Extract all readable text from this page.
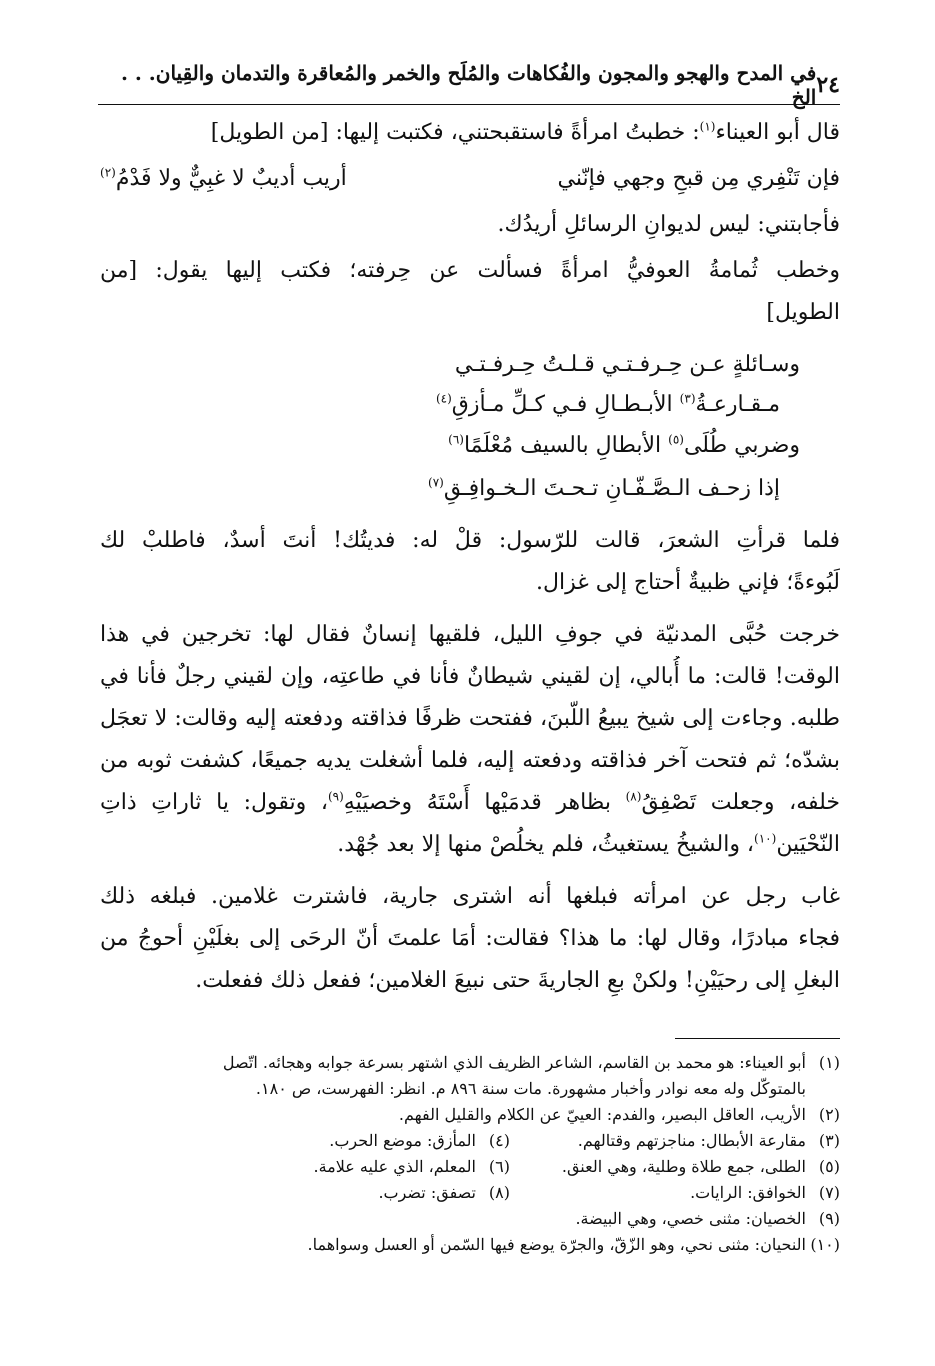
٢٤
في المدح والهجو والمجون والفُكاهات والمُلَح والخمر والمُعاقرة والتدمان والقِيان. . . الخ
قال أبو العيناء$^{(١)}$: خطبتُ امرأةً فاستقبحتني، فكتبت إليها: [من الطويل]
فإن تَنْفِري مِن قبحِ وجهي فإنّني
أريب أديبٌ لا غبِيٌّ ولا فَدْمُ$^{(٢)}$
فأجابتني: ليس لديوانِ الرسائلِ أريدُك.
وخطب ثُمامةُ العوفيُّ امرأةً فسألت عن حِرفته؛ فكتب إليها يقول: [من
الطويل]
وسـائلةٍ عـن حِـرفـتـي قـلـتُ حِـرفـتـي
مـقـارعـةُ$^{(٣)}$ الأبـطـالِ فـي كـلِّ مـأزقِ$^{(٤)}$
وضربي طُلَى$^{(٥)}$ الأبطالِ بالسيف مُعْلَمًا$^{(٦)}$
إذا زحـف الـصَّـفّـانِ تـحـتَ الـخـوافِـقِ$^{(٧)}$
فلما قرأتِ الشعرَ، قالت للرّسول: قلْ له: فديتُك! أنتَ أسدٌ، فاطلبْ لك
لَبُوءةً؛ فإني ظبيةٌ أحتاج إلى غزال.
خرجت حُبَّى المدنيّة في جوفِ الليل، فلقيها إنسانٌ فقال لها: تخرجين في هذا
الوقت! قالت: ما أُبالي، إن لقيني شيطانٌ فأنا في طاعتِه، وإن لقيني رجلٌ فأنا في
طلبه. وجاءت إلى شيخ يبيعُ اللّبنَ، ففتحت ظرفًا فذاقته ودفعته إليه وقالت: لا تعجَل
بشدّه؛ ثم فتحت آخر فذاقته ودفعته إليه، فلما أشغلت يديه جميعًا، كشفت ثوبه من
خلفه، وجعلت تَصْفِقُ$^{(٨)}$ بظاهر قدمَيْها أَسْتَهُ وخصيَيْهِ$^{(٩)}$، وتقول: يا ثاراتِ ذاتِ
النّحْيَين$^{(١٠)}$، والشيخُ يستغيثُ، فلم يخلُصْ منها إلا بعد جُهْد.
غاب رجل عن امرأته فبلغها أنه اشترى جارية، فاشترت غلامين. فبلغه ذلك
فجاء مبادرًا، وقال لها: ما هذا؟ فقالت: أمَا علمتَ أنّ الرحَى إلى بغلَيْنِ أحوجُ من
البغلِ إلى رحيَيْنِ! ولكنْ بعِ الجاريةَ حتى نبيعَ الغلامين؛ ففعل ذلك ففعلت.
(١)أبو العيناء: هو محمد بن القاسم، الشاعر الظريف الذي اشتهر بسرعة جوابه وهجائه. اتّصل
بالمتوكّل وله معه نوادر وأخبار مشهورة. مات سنة ٨٩٦ م. انظر: الفهرست، ص ١٨٠.
(٢)الأريب، العاقل البصير، والفدم: العييّ عن الكلام والقليل الفهم.
(٣)مقارعة الأبطال: مناجزتهم وقتالهم.
(٤)المأزق: موضع الحرب.
(٥)الطلى، جمع طلاة وطلية، وهي العنق.
(٦)المعلم، الذي عليه علامة.
(٧)الخوافق: الرايات.
(٨)تصفق: تضرب.
(٩)الخصيان: مثنى خصي، وهي البيضة.
(١٠)النحيان: مثنى نحي، وهو الزّقّ، والجرّة يوضع فيها السّمن أو العسل وسواهما.
